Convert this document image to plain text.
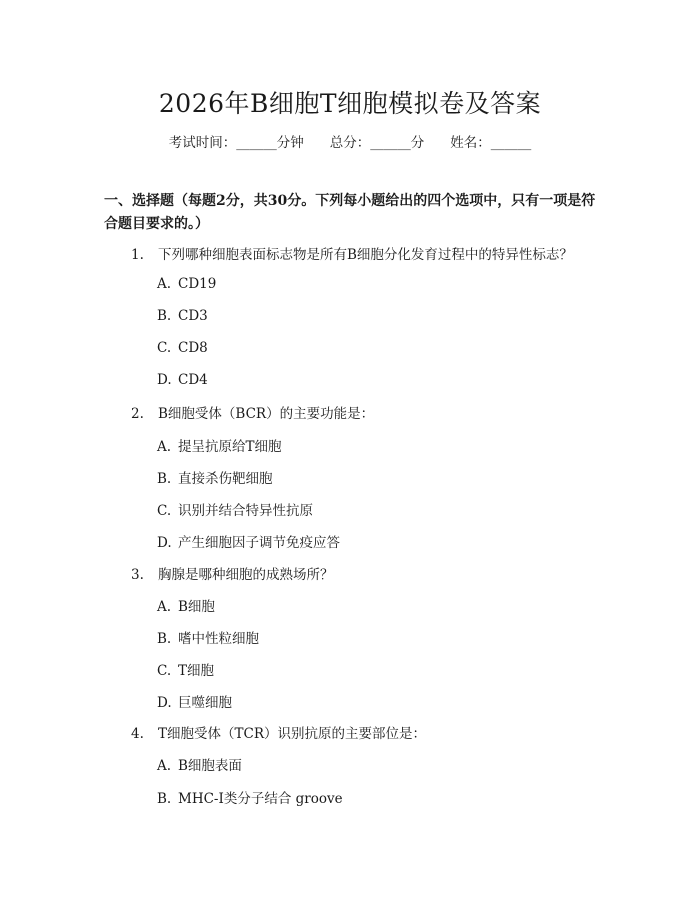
2026年B细胞T细胞模拟卷及答案
考试时间：______分钟 总分：______分 姓名：______
一、选择题（每题2分，共30分。下列每小题给出的四个选项中，只有一项是符合题目要求的。）
1. 下列哪种细胞表面标志物是所有B细胞分化发育过程中的特异性标志？
A. CD19
B. CD3
C. CD8
D. CD4
2. B细胞受体（BCR）的主要功能是：
A. 提呈抗原给T细胞
B. 直接杀伤靶细胞
C. 识别并结合特异性抗原
D. 产生细胞因子调节免疫应答
3. 胸腺是哪种细胞的成熟场所？
A. B细胞
B. 嗜中性粒细胞
C. T细胞
D. 巨噬细胞
4. T细胞受体（TCR）识别抗原的主要部位是：
A. B细胞表面
B. MHC-I类分子结合 groove
